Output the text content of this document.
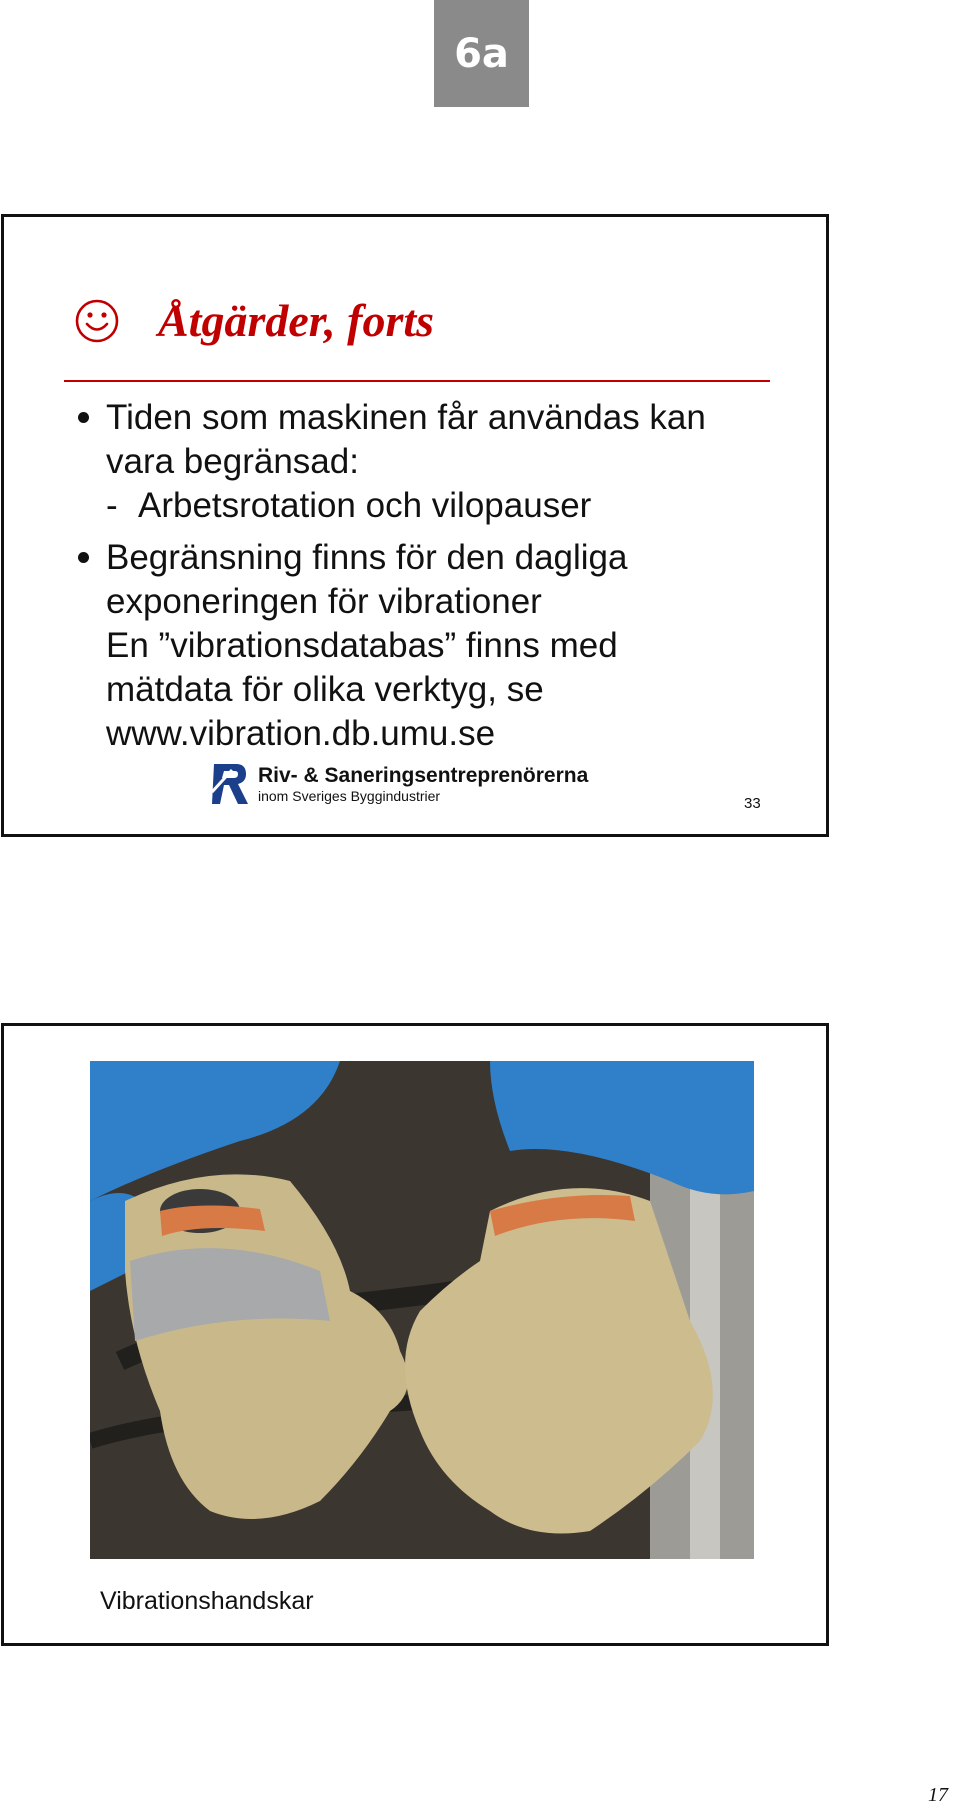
6a
Åtgärder, forts
Tiden som maskinen får användas kan
vara begränsad:
- Arbetsrotation och vilopauser
Begränsning finns för den dagliga
exponeringen för vibrationer
En ”vibrationsdatabas” finns med
mätdata för olika verktyg, se
www.vibration.db.umu.se
Riv- & Saneringsentreprenörerna
inom Sveriges Byggindustrier	33
Vibrationshandskar
17
